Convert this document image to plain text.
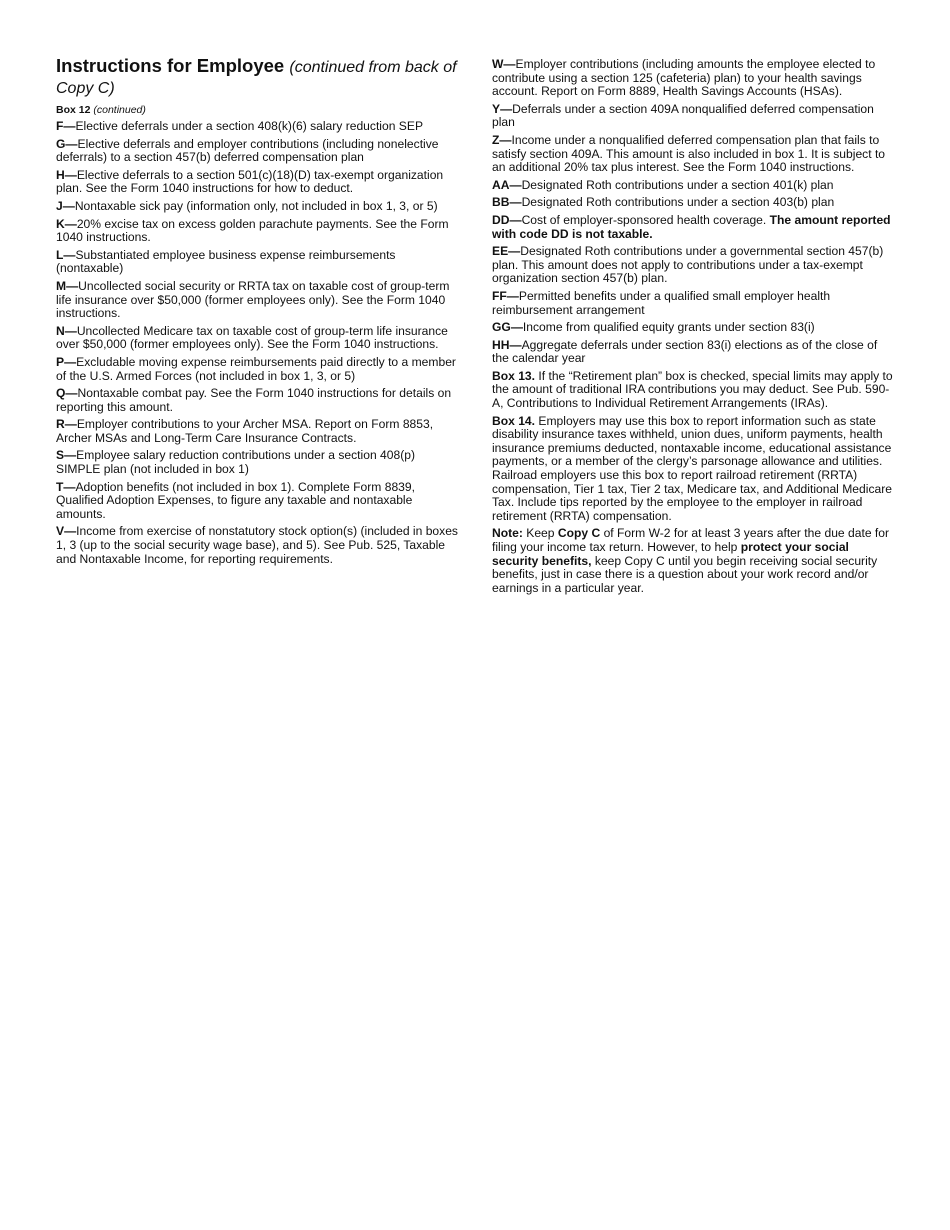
Instructions for Employee (continued from back of Copy C)
Box 12 (continued)
F—Elective deferrals under a section 408(k)(6) salary reduction SEP
G—Elective deferrals and employer contributions (including nonelective deferrals) to a section 457(b) deferred compensation plan
H—Elective deferrals to a section 501(c)(18)(D) tax-exempt organization plan. See the Form 1040 instructions for how to deduct.
J—Nontaxable sick pay (information only, not included in box 1, 3, or 5)
K—20% excise tax on excess golden parachute payments. See the Form 1040 instructions.
L—Substantiated employee business expense reimbursements (nontaxable)
M—Uncollected social security or RRTA tax on taxable cost of group-term life insurance over $50,000 (former employees only). See the Form 1040 instructions.
N—Uncollected Medicare tax on taxable cost of group-term life insurance over $50,000 (former employees only). See the Form 1040 instructions.
P—Excludable moving expense reimbursements paid directly to a member of the U.S. Armed Forces (not included in box 1, 3, or 5)
Q—Nontaxable combat pay. See the Form 1040 instructions for details on reporting this amount.
R—Employer contributions to your Archer MSA. Report on Form 8853, Archer MSAs and Long-Term Care Insurance Contracts.
S—Employee salary reduction contributions under a section 408(p) SIMPLE plan (not included in box 1)
T—Adoption benefits (not included in box 1). Complete Form 8839, Qualified Adoption Expenses, to figure any taxable and nontaxable amounts.
V—Income from exercise of nonstatutory stock option(s) (included in boxes 1, 3 (up to the social security wage base), and 5). See Pub. 525, Taxable and Nontaxable Income, for reporting requirements.
W—Employer contributions (including amounts the employee elected to contribute using a section 125 (cafeteria) plan) to your health savings account. Report on Form 8889, Health Savings Accounts (HSAs).
Y—Deferrals under a section 409A nonqualified deferred compensation plan
Z—Income under a nonqualified deferred compensation plan that fails to satisfy section 409A. This amount is also included in box 1. It is subject to an additional 20% tax plus interest. See the Form 1040 instructions.
AA—Designated Roth contributions under a section 401(k) plan
BB—Designated Roth contributions under a section 403(b) plan
DD—Cost of employer-sponsored health coverage. The amount reported with code DD is not taxable.
EE—Designated Roth contributions under a governmental section 457(b) plan. This amount does not apply to contributions under a tax-exempt organization section 457(b) plan.
FF—Permitted benefits under a qualified small employer health reimbursement arrangement
GG—Income from qualified equity grants under section 83(i)
HH—Aggregate deferrals under section 83(i) elections as of the close of the calendar year
Box 13. If the “Retirement plan” box is checked, special limits may apply to the amount of traditional IRA contributions you may deduct. See Pub. 590-A, Contributions to Individual Retirement Arrangements (IRAs).
Box 14. Employers may use this box to report information such as state disability insurance taxes withheld, union dues, uniform payments, health insurance premiums deducted, nontaxable income, educational assistance payments, or a member of the clergy’s parsonage allowance and utilities. Railroad employers use this box to report railroad retirement (RRTA) compensation, Tier 1 tax, Tier 2 tax, Medicare tax, and Additional Medicare Tax. Include tips reported by the employee to the employer in railroad retirement (RRTA) compensation.
Note: Keep Copy C of Form W-2 for at least 3 years after the due date for filing your income tax return. However, to help protect your social security benefits, keep Copy C until you begin receiving social security benefits, just in case there is a question about your work record and/or earnings in a particular year.
